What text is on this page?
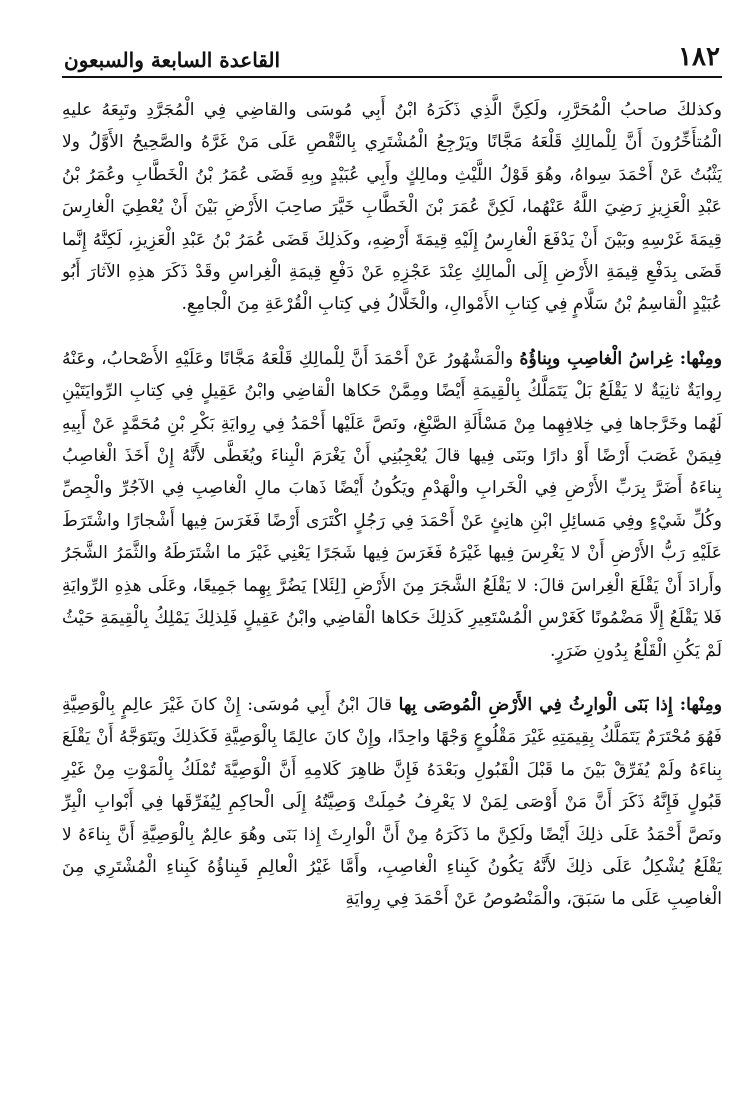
١٨٢
القاعدة السابعة والسبعون

وكذلكَ صاحبُ الْمُحَرَّرِ، ولَكِنَّ الَّذِي ذَكَرَهُ ابْنُ أَبِي مُوسَى والقاضِي فِي الْمُجَرَّدِ وتَبِعَهُ عليهِ الْمُتأَخِّرُونَ أَنَّ لِلْمالِكِ قَلْعَهُ مَجَّانًا ويَرْجِعُ الْمُشْتَرِي بِالنَّقْصِ عَلَى مَنْ غَرَّهُ والصَّحِيحُ الأَوَّلُ ولا يَثْبُتُ عَنْ أَحْمَدَ سِواهُ، وهُوَ قَوْلُ اللَّيْثِ ومالِكٍ وأَبِي عُبَيْدٍ وبِهِ قَضَى عُمَرُ بْنُ الْخَطَّابِ وعُمَرُ بْنُ عَبْدِ الْعَزِيزِ رَضِيَ اللَّهُ عَنْهُما، لَكِنَّ عُمَرَ بْنَ الْخَطَّابِ خَيَّرَ صاحِبَ الأَرْضِ بَيْنَ أَنْ يُعْطِيَ الْغارِسَ قِيمَةَ غَرْسِهِ وبَيْنَ أَنْ يَدْفَعَ الْغارِسُ إِلَيْهِ قِيمَةَ أَرْضِهِ، وكَذلِكَ قَضَى عُمَرُ بْنُ عَبْدِ الْعَزِيزِ، لَكِنَّهُ إِنَّما قَضَى بِدَفْعِ قِيمَةِ الأَرْضِ إِلَى الْمالِكِ عِنْدَ عَجْزِهِ عَنْ دَفْعِ قِيمَةِ الْغِراسِ وقَدْ ذَكَرَ هذِهِ الآثارَ أَبُو عُبَيْدٍ الْقاسِمُ بْنُ سَلَّامٍ فِي كِتابِ الأَمْوالِ، والْخَلَّالُ فِي كِتابِ الْقُرْعَةِ مِنَ الْجامِعِ.

ومِنْها: غِراسُ الْغاصِبِ وبِناؤُهُ والْمَشْهُورُ عَنْ أَحْمَدَ أَنَّ لِلْمالِكِ قَلْعَهُ مَجَّانًا وعَلَيْهِ الأَصْحابُ، وعَنْهُ رِوايَةٌ ثانِيَةٌ لا يَقْلَعُ بَلْ يَتَمَلَّكُ بِالْقِيمَةِ أَيْضًا ومِمَّنْ حَكاها الْقاضِي وابْنُ عَقِيلٍ فِي كِتابِ الرِّوايَتَيْنِ لَهُما وخَرَّجاها فِي خِلافِهِما مِنْ مَسْأَلَةِ الصَّبْغِ، ونَصَّ عَلَيْها أَحْمَدُ فِي رِوايَةِ بَكْرِ بْنِ مُحَمَّدٍ عَنْ أَبِيهِ فِيمَنْ غَصَبَ أَرْضًا أَوْ دارًا وبَنَى فِيها قالَ يُعْجِبُنِي أَنْ يَغْرَمَ الْبِناءَ ويُغَطَّى لأَنَّهُ إِنْ أَخَذَ الْغاصِبُ بِناءَهُ أَضَرَّ بِرَبِّ الأَرْضِ فِي الْخَرابِ والْهَدْمِ ويَكُونُ أَيْضًا ذَهابَ مالِ الْغاصِبِ فِي الآجُرِّ والْجِصِّ وكُلِّ شَيْءٍ وفِي مَسائِلِ ابْنِ هانِئٍ عَنْ أَحْمَدَ فِي رَجُلٍ اكْتَرَى أَرْضًا فَغَرَسَ فِيها أَشْجارًا واشْتَرَطَ عَلَيْهِ رَبُّ الأَرْضِ أَنْ لا يَغْرِسَ فِيها غَيْرَهُ فَغَرَسَ فِيها شَجَرًا يَعْنِي غَيْرَ ما اشْتَرَطَهُ والثَّمَرُ الشَّجَرُ وأَرادَ أَنْ يَقْلَعَ الْغِراسَ قالَ: لا يَقْلَعُ الشَّجَرَ مِنَ الأَرْضِ [لِئَلا] يَضُرَّ بِهِما جَمِيعًا، وعَلَى هذِهِ الرِّوايَةِ فَلا يَقْلَعُ إِلَّا مَضْمُونًا كَغَرْسِ الْمُسْتَعِيرِ كَذلِكَ حَكاها الْقاضِي وابْنُ عَقِيلٍ فَلِذلِكَ يَمْلِكُ بِالْقِيمَةِ حَيْثُ لَمْ يَكُنِ الْقَلْعُ بِدُونِ ضَرَرٍ.

ومِنْها: إِذا بَنَى الْوارِثُ فِي الأَرْضِ الْمُوصَى بِها قالَ ابْنُ أَبِي مُوسَى: إِنْ كانَ غَيْرَ عالِمٍ بِالْوَصِيَّةِ فَهُوَ مُحْتَرَمٌ يَتَمَلَّكُ بِقِيمَتِهِ غَيْرَ مَقْلُوعٍ وَجْهًا واحِدًا، وإِنْ كانَ عالِمًا بِالْوَصِيَّةِ فَكَذلِكَ ويَتَوَجَّهُ أَنْ يَقْلَعَ بِناءَهُ ولَمْ يُفَرِّقْ بَيْنَ ما قَبْلَ الْقَبُولِ وبَعْدَهُ فَإِنَّ ظاهِرَ كَلامِهِ أَنَّ الْوَصِيَّةَ تُمْلَكُ بِالْمَوْتِ مِنْ غَيْرِ قَبُولٍ فَإِنَّهُ ذَكَرَ أَنَّ مَنْ أَوْصَى لِمَنْ لا يَعْرِفُ حُمِلَتْ وَصِيَّتُهُ إِلَى الْحاكِمِ لِيُفَرِّقَها فِي أَبْوابِ الْبِرِّ ونَصَّ أَحْمَدُ عَلَى ذلِكَ أَيْضًا ولَكِنَّ ما ذَكَرَهُ مِنْ أَنَّ الْوارِثَ إِذا بَنَى وهُوَ عالِمٌ بِالْوَصِيَّةِ أَنَّ بِناءَهُ لا يَقْلَعُ يُشْكِلُ عَلَى ذلِكَ لأَنَّهُ يَكُونُ كَبِناءِ الْغاصِبِ، وأَمَّا غَيْرُ الْعالِمِ فَبِناؤُهُ كَبِناءِ الْمُشْتَرِي مِنَ الْغاصِبِ عَلَى ما سَبَقَ، والْمَنْصُوصُ عَنْ أَحْمَدَ فِي رِوايَةِ
